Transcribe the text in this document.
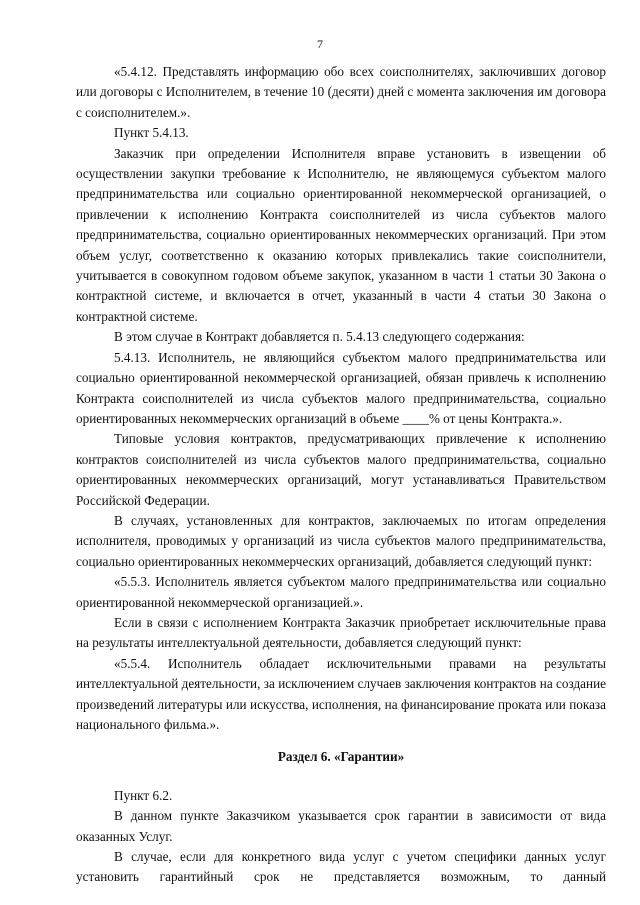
7

«5.4.12. Представлять информацию обо всех соисполнителях, заключивших договор или договоры с Исполнителем, в течение 10 (десяти) дней с момента заключения им договора с соисполнителем.».

Пункт 5.4.13.

Заказчик при определении Исполнителя вправе установить в извещении об осуществлении закупки требование к Исполнителю, не являющемуся субъектом малого предпринимательства или социально ориентированной некоммерческой организацией, о привлечении к исполнению Контракта соисполнителей из числа субъектов малого предпринимательства, социально ориентированных некоммерческих организаций. При этом объем услуг, соответственно к оказанию которых привлекались такие соисполнители, учитывается в совокупном годовом объеме закупок, указанном в части 1 статьи 30 Закона о контрактной системе, и включается в отчет, указанный в части 4 статьи 30 Закона о контрактной системе.

В этом случае в Контракт добавляется п. 5.4.13 следующего содержания:

5.4.13. Исполнитель, не являющийся субъектом малого предпринимательства или социально ориентированной некоммерческой организацией, обязан привлечь к исполнению Контракта соисполнителей из числа субъектов малого предпринимательства, социально ориентированных некоммерческих организаций в объеме ____% от цены Контракта.».

Типовые условия контрактов, предусматривающих привлечение к исполнению контрактов соисполнителей из числа субъектов малого предпринимательства, социально ориентированных некоммерческих организаций, могут устанавливаться Правительством Российской Федерации.

В случаях, установленных для контрактов, заключаемых по итогам определения исполнителя, проводимых у организаций из числа субъектов малого предпринимательства, социально ориентированных некоммерческих организаций, добавляется следующий пункт:

«5.5.3. Исполнитель является субъектом малого предпринимательства или социально ориентированной некоммерческой организацией.».

Если в связи с исполнением Контракта Заказчик приобретает исключительные права на результаты интеллектуальной деятельности, добавляется следующий пункт:

«5.5.4. Исполнитель обладает исключительными правами на результаты интеллектуальной деятельности, за исключением случаев заключения контрактов на создание произведений литературы или искусства, исполнения, на финансирование проката или показа национального фильма.».

Раздел 6. «Гарантии»

Пункт 6.2.

В данном пункте Заказчиком указывается срок гарантии в зависимости от вида оказанных Услуг.

В случае, если для конкретного вида услуг с учетом специфики данных услуг установить гарантийный срок не представляется возможным, то данный
